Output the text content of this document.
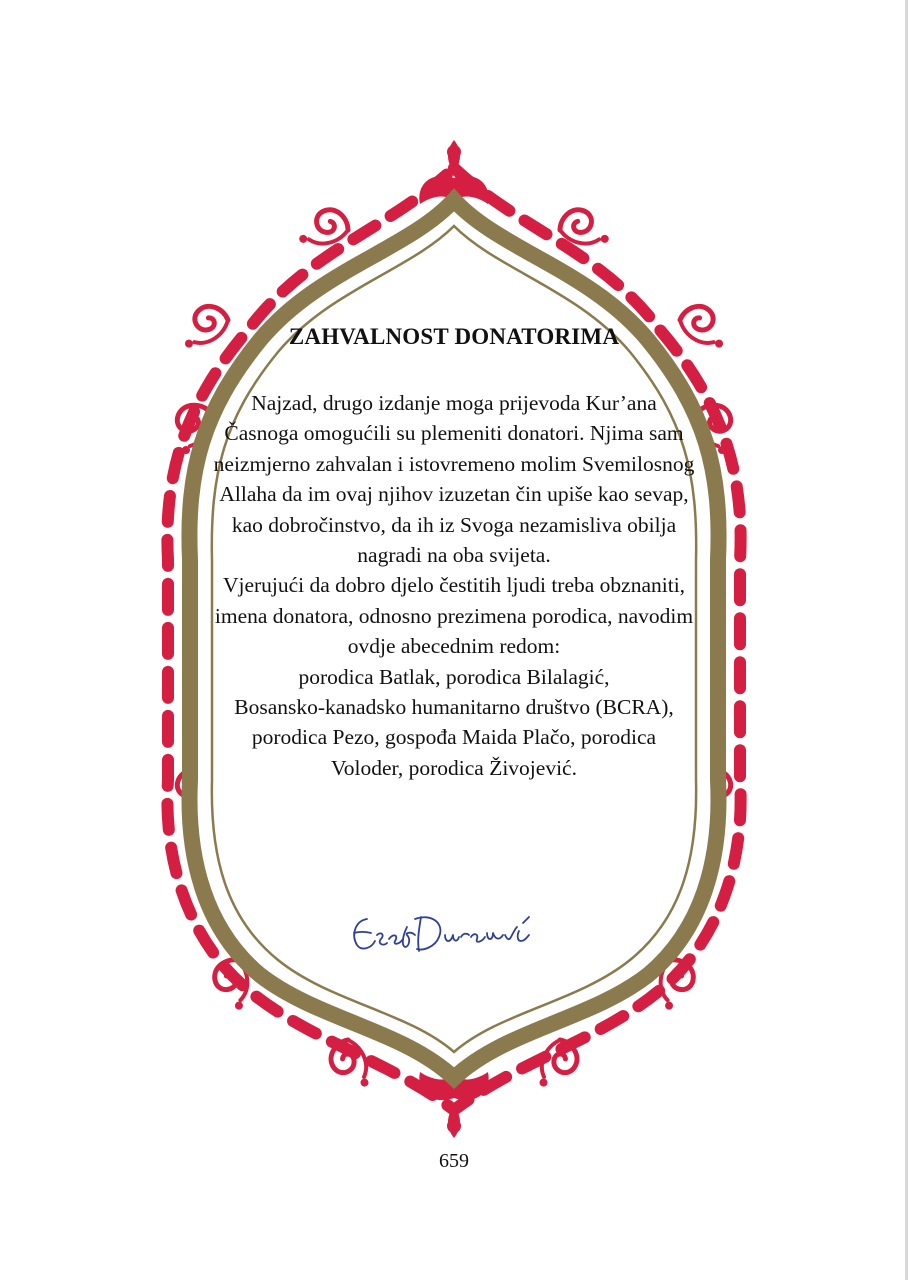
ZAHVALNOST DONATORIMA
Najzad, drugo izdanje moga prijevoda Kur’ana
Časnoga omogućili su plemeniti donatori. Njima sam
neizmjerno zahvalan i istovremeno molim Svemilosnog
Allaha da im ovaj njihov izuzetan čin upiše kao sevap,
kao dobročinstvo, da ih iz Svoga nezamisliva obilja
nagradi na oba svijeta.
Vjerujući da dobro djelo čestitih ljudi treba obznaniti,
imena donatora, odnosno prezimena porodica, navodim
ovdje abecednim redom:
porodica Batlak, porodica Bilalagić,
Bosansko-kanadsko humanitarno društvo (BCRA),
porodica Pezo, gospođa Maida Plačo, porodica
Voloder, porodica Živojević.
659
